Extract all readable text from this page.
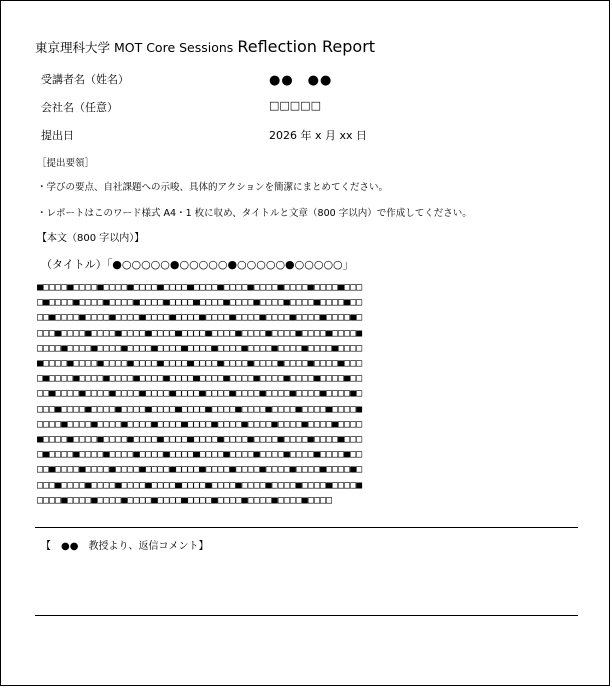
東京理科大学 MOT Core Sessions Reflection Report
受講者名（姓名）	●●　●●
会社名（任意）	□□□□□
提出日	2026 年 x 月 xx 日
［提出要領］
・学びの要点、自社課題への示唆、具体的アクションを簡潔にまとめてください。
・レポートはこのワード様式 A4・1 枚に収め、タイトルと文章（800 字以内）で作成してください。
【本文（800 字以内）】
（タイトル）「●○○○○○●○○○○○●○○○○○●○○○○○」
■□□□□■□□□□■□□□□■□□□□■□□□□■□□□□■□□□□■□□□□■□□□□■□□□□■□□□
□■□□□□■□□□□■□□□□■□□□□■□□□□■□□□□■□□□□■□□□□■□□□□■□□□□■□□
□□■□□□□■□□□□■□□□□■□□□□■□□□□■□□□□■□□□□■□□□□■□□□□■□□□□■□
□□□■□□□□■□□□□■□□□□■□□□□■□□□□■□□□□■□□□□■□□□□■□□□□■□□□□■
□□□□■□□□□■□□□□■□□□□■□□□□■□□□□■□□□□■□□□□■□□□□■□□□□■□□□□
■□□□□■□□□□■□□□□■□□□□■□□□□■□□□□■□□□□■□□□□■□□□□■□□□□■□□□
□■□□□□■□□□□■□□□□■□□□□■□□□□■□□□□■□□□□■□□□□■□□□□■□□□□■□□
□□■□□□□■□□□□■□□□□■□□□□■□□□□■□□□□■□□□□■□□□□■□□□□■□□□□■□
□□□■□□□□■□□□□■□□□□■□□□□■□□□□■□□□□■□□□□■□□□□■□□□□■□□□□■
□□□□■□□□□■□□□□■□□□□■□□□□■□□□□■□□□□■□□□□■□□□□■□□□□■□□□□
■□□□□■□□□□■□□□□■□□□□■□□□□■□□□□■□□□□■□□□□■□□□□■□□□□■□□□
□■□□□□■□□□□■□□□□■□□□□■□□□□■□□□□■□□□□■□□□□■□□□□■□□□□■□□
□□■□□□□■□□□□■□□□□■□□□□■□□□□■□□□□■□□□□■□□□□■□□□□■□□□□■□
□□□■□□□□■□□□□■□□□□■□□□□■□□□□■□□□□■□□□□■□□□□■□□□□■□□□□■
□□□□■□□□□■□□□□■□□□□■□□□□■□□□□■□□□□■□□□□■□□□□■□□□□
【　●●　教授より、返信コメント】
